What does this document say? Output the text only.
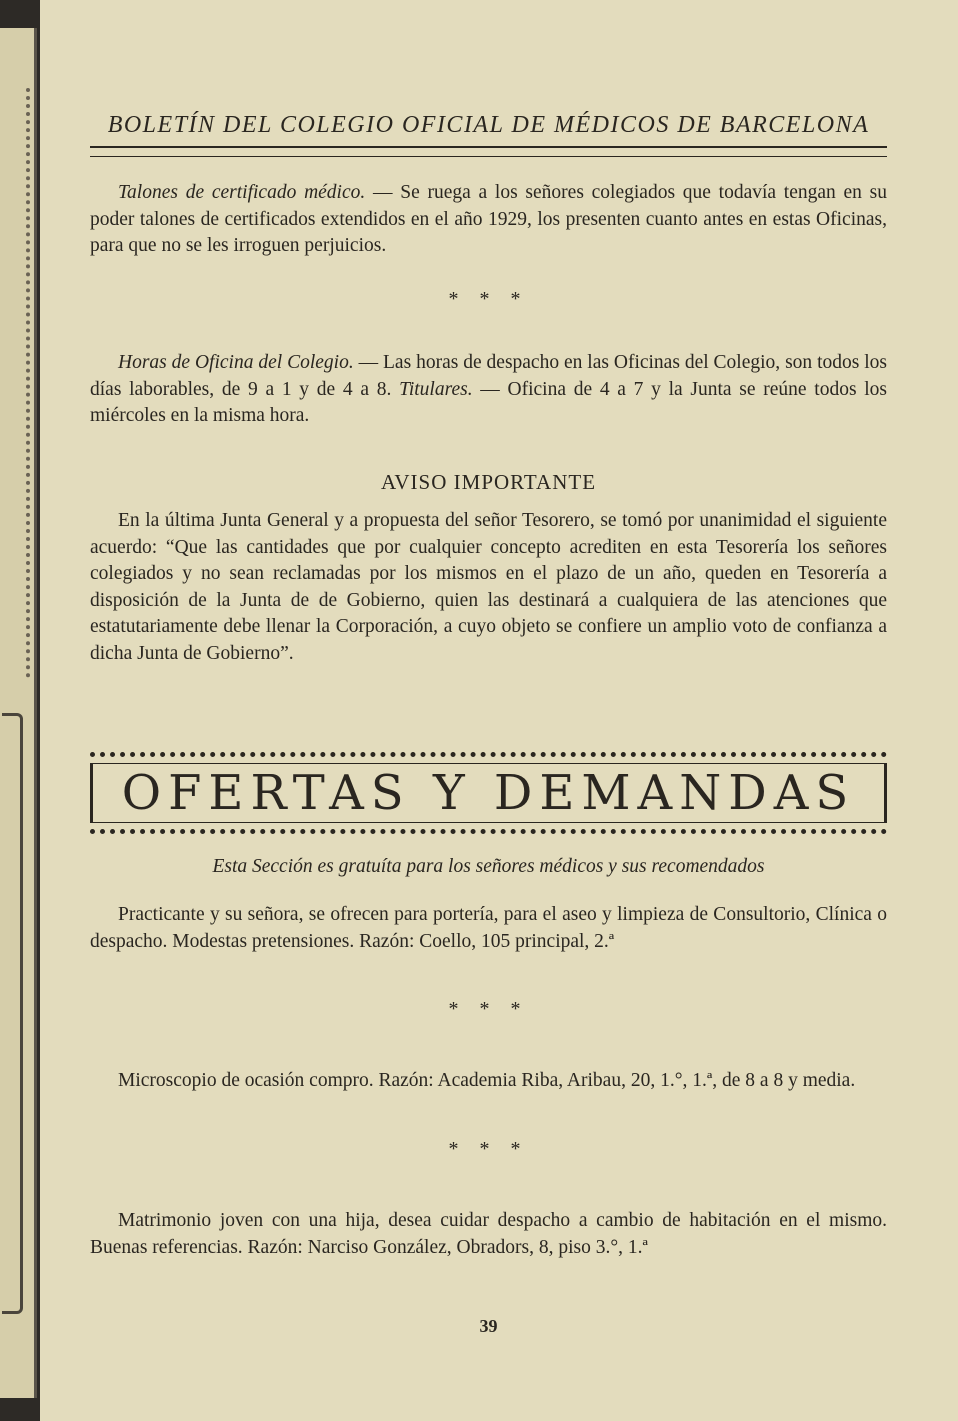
BOLETÍN DEL COLEGIO OFICIAL DE MÉDICOS DE BARCELONA
Talones de certificado médico. — Se ruega a los señores colegiados que todavía tengan en su poder talones de certificados extendidos en el año 1929, los presenten cuanto antes en estas Oficinas, para que no se les irroguen perjuicios.
* * *
Horas de Oficina del Colegio. — Las horas de despacho en las Oficinas del Colegio, son todos los días laborables, de 9 a 1 y de 4 a 8. Titulares. — Oficina de 4 a 7 y la Junta se reúne todos los miércoles en la misma hora.
AVISO IMPORTANTE
En la última Junta General y a propuesta del señor Tesorero, se tomó por unanimidad el siguiente acuerdo: “Que las cantidades que por cualquier concepto acrediten en esta Tesorería los señores colegiados y no sean reclamadas por los mismos en el plazo de un año, queden en Tesorería a disposición de la Junta de de Gobierno, quien las destinará a cualquiera de las atenciones que estatutariamente debe llenar la Corporación, a cuyo objeto se confiere un amplio voto de confianza a dicha Junta de Gobierno”.
OFERTAS Y DEMANDAS
Esta Sección es gratuíta para los señores médicos y sus recomendados
Practicante y su señora, se ofrecen para portería, para el aseo y limpieza de Consultorio, Clínica o despacho. Modestas pretensiones. Razón: Coello, 105 principal, 2.ª
* * *
Microscopio de ocasión compro. Razón: Academia Riba, Aribau, 20, 1.°, 1.ª, de 8 a 8 y media.
* * *
Matrimonio joven con una hija, desea cuidar despacho a cambio de habitación en el mismo. Buenas referencias. Razón: Narciso González, Obradors, 8, piso 3.°, 1.ª
39
